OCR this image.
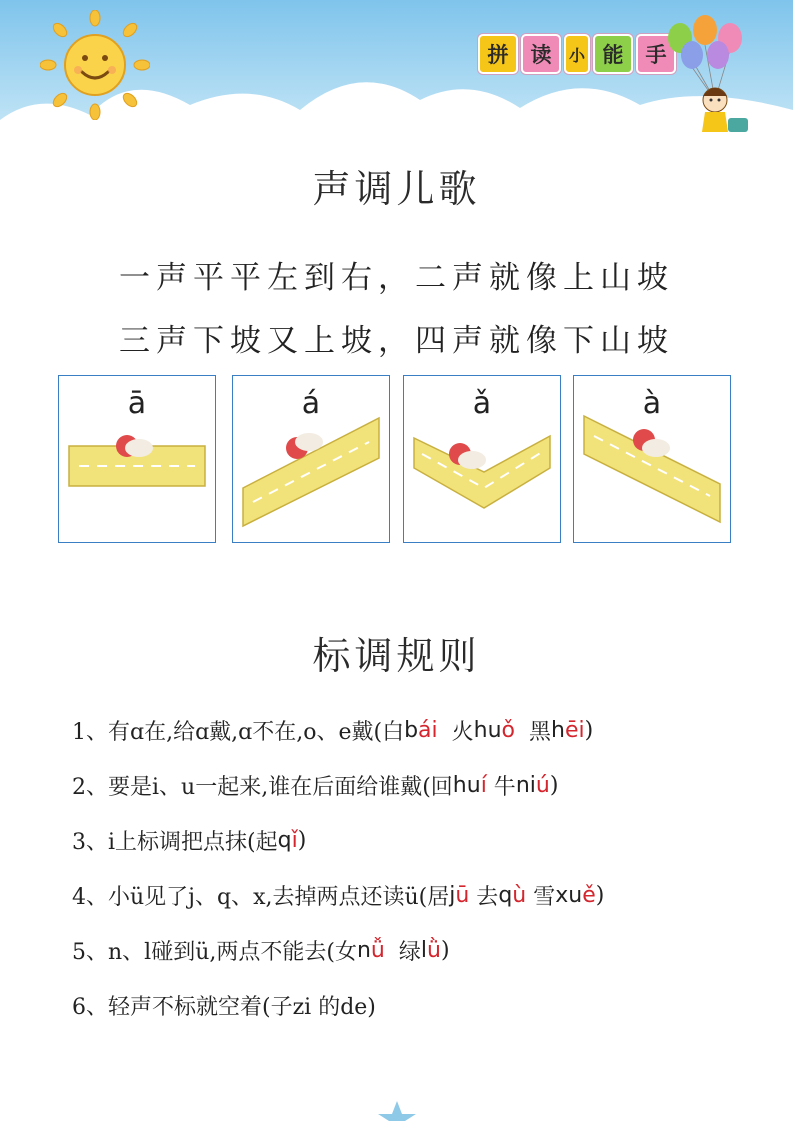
拼	读	小 能	手
声调儿歌
一声平平左到右，二声就像上山坡
三声下坡又上坡，四声就像下山坡
ā	á	ǎ	à
标调规则
1、 有ɑ在,给ɑ戴,ɑ不在,o、e戴(白 b ái 火 hu ǒ 黑 h ēi )
2、 要是i、u一起来,谁在后面给谁戴(回 hu í 牛 ni ú )
3、 i上标调把点抹(起 q ǐ )
4、 小ü见了j、q、x,去掉两点还读ü(居 j ū 去 q ù 雪 xu ě )
5、 n、l碰到ü,两点不能去(女 n ǚ 绿 l ǜ )
6、 轻声不标就空着(子zi 的de)
